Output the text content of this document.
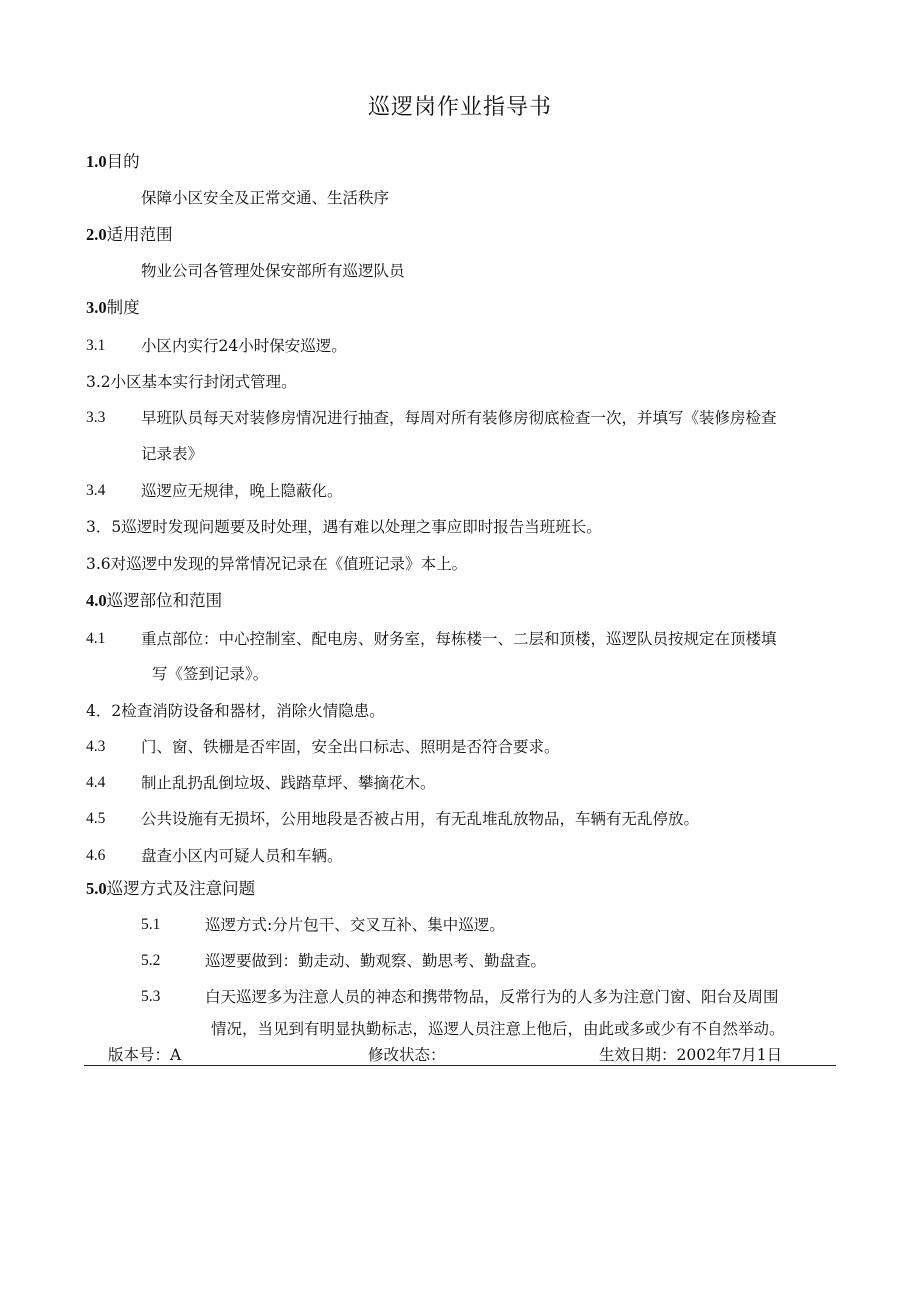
巡逻岗作业指导书
1.0目的
保障小区安全及正常交通、生活秩序
2.0适用范围
物业公司各管理处保安部所有巡逻队员
3.0制度
3.1 小区内实行24小时保安巡逻。
3.2小区基本实行封闭式管理。
3.3 早班队员每天对装修房情况进行抽查，每周对所有装修房彻底检查一次，并填写《装修房检查
记录表》
3.4 巡逻应无规律，晚上隐蔽化。
3．5巡逻时发现问题要及时处理，遇有难以处理之事应即时报告当班班长。
3.6对巡逻中发现的异常情况记录在《值班记录》本上。
4.0巡逻部位和范围
4.1 重点部位：中心控制室、配电房、财务室，每栋楼一、二层和顶楼，巡逻队员按规定在顶楼填
写《签到记录》。
4．2检查消防设备和器材，消除火情隐患。
4.3 门、窗、铁栅是否牢固，安全出口标志、照明是否符合要求。
4.4 制止乱扔乱倒垃圾、践踏草坪、攀摘花木。
4.5 公共设施有无损坏，公用地段是否被占用，有无乱堆乱放物品，车辆有无乱停放。
4.6 盘查小区内可疑人员和车辆。
5.0巡逻方式及注意问题
5.1	巡逻方式:分片包干、交叉互补、集中巡逻。
5.2	巡逻要做到：勤走动、勤观察、勤思考、勤盘查。
5.3	白天巡逻多为注意人员的神态和携带物品，反常行为的人多为注意门窗、阳台及周围
情况，当见到有明显执勤标志，巡逻人员注意上他后，由此或多或少有不自然举动。
版本号：A	修改状态：	生效日期：2002年7月1日
